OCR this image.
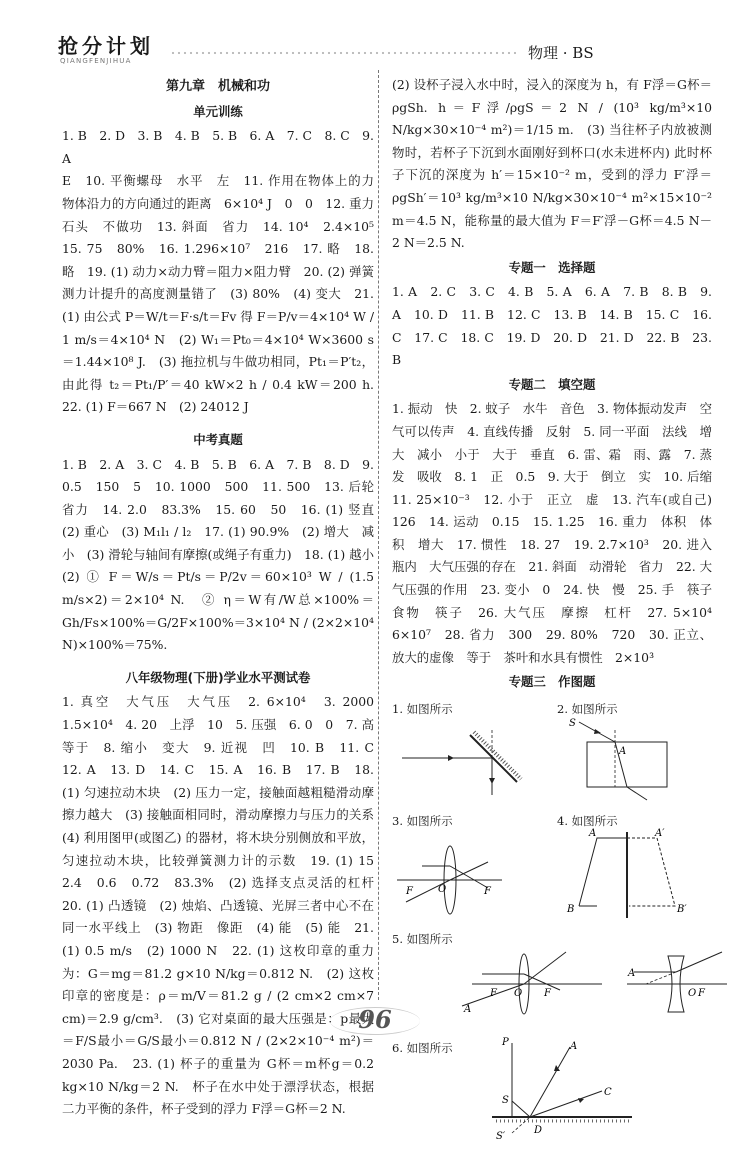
抢分计划
QIANGFENJIHUA	物理 · BS
第九章　机械和功
单元训练

1. B　2. D　3. B　4. B　5. B　6. A　7. C　8. C　9. A

E　10. 平衡螺母　水平　左　11. 作用在物体上的力　物体沿力的方向通过的距离　6×10⁴ J　0　0　12. 重力　石头　不做功　13. 斜面　省力　14. 10⁴　2.4×10⁵　15. 75　80%　16. 1.296×10⁷　216　17. 略　18. 略　19. (1) 动力×动力臂＝阻力×阻力臂　20. (2) 弹簧测力计提升的高度测量错了　(3) 80%　(4) 变大　21. (1) 由公式 P＝W/t＝F·s/t＝Fv 得 F＝P/v＝4×10⁴ W / 1 m/s＝4×10⁴ N　(2) W₁＝Pt₀＝4×10⁴ W×3600 s＝1.44×10⁸ J.　(3) 拖拉机与牛做功相同，Pt₁＝P′t₂，由此得 t₂＝Pt₁/P′＝40 kW×2 h / 0.4 kW＝200 h.　22. (1) F＝667 N　(2) 24012 J

中考真题

1. B　2. A　3. C　4. B　5. B　6. A　7. B　8. D　9. 0.5　150　5　10. 1000　500　11. 500　13. 后轮　省力　14. 2.0　83.3%　15. 60　50　16. (1) 竖直　(2) 重心　(3) M₁l₁ / l₂　17. (1) 90.9%　(2) 增大　减小　(3) 滑轮与轴间有摩擦(或绳子有重力)　18. (1) 越小　(2) ① F＝W/s＝Pt/s＝P/2v＝60×10³ W / (1.5 m/s×2)＝2×10⁴ N.　② η＝W有/W总×100%＝Gh/Fs×100%＝G/2F×100%＝3×10⁴ N / (2×2×10⁴ N)×100%＝75%.

八年级物理(下册)学业水平测试卷

1. 真空　大气压　大气压　2. 6×10⁴　3. 2000　1.5×10⁴　4. 20　上浮　10　5. 压强　6. 0　0　7. 高　等于　8. 缩小　变大　9. 近视　凹　10. B　11. C　12. A　13. D　14. C　15. A　16. B　17. B　18. (1) 匀速拉动木块　(2) 压力一定，接触面越粗糙滑动摩擦力越大　(3) 接触面相同时，滑动摩擦力与压力的关系　(4) 利用图甲(或图乙) 的器材，将木块分别侧放和平放，匀速拉动木块，比较弹簧测力计的示数　19. (1) 15　2.4　0.6　0.72　83.3%　(2) 选择支点灵活的杠杆　20. (1) 凸透镜　(2) 烛焰、凸透镜、光屏三者中心不在同一水平线上　(3) 物距　像距　(4) 能　(5) 能　21. (1) 0.5 m/s　(2) 1000 N　22. (1) 这枚印章的重力为：G＝mg＝81.2 g×10 N/kg＝0.812 N.　(2) 这枚印章的密度是：ρ＝m/V＝81.2 g / (2 cm×2 cm×7 cm)＝2.9 g/cm³.　(3) 它对桌面的最大压强是：p最大＝F/S最小＝G/S最小＝0.812 N / (2×2×10⁻⁴ m²)＝2030 Pa.　23. (1) 杯子的重量为 G杯＝m杯g＝0.2 kg×10 N/kg＝2 N.　杯子在水中处于漂浮状态，根据二力平衡的条件，杯子受到的浮力 F浮＝G杯＝2 N.

(2) 设杯子浸入水中时，浸入的深度为 h，有 F浮＝G杯＝ρgSh. h＝F浮/ρgS＝2 N / (10³ kg/m³×10 N/kg×30×10⁻⁴ m²)＝1/15 m.　(3) 当往杯子内放被测物时，若杯子下沉到水面刚好到杯口(水未进杯内) 此时杯子下沉的深度为 h′＝15×10⁻² m，受到的浮力 F′浮＝ρgSh′＝10³ kg/m³×10 N/kg×30×10⁻⁴ m²×15×10⁻² m＝4.5 N，能称量的最大值为 F＝F′浮－G杯＝4.5 N－2 N＝2.5 N.

专题一　选择题

1. A　2. C　3. C　4. B　5. A　6. A　7. B　8. B　9. A　10. D　11. B　12. C　13. B　14. B　15. C　16. C　17. C　18. C　19. D　20. D　21. D　22. B　23. B

专题二　填空题

1. 振动　快　2. 蚊子　水牛　音色　3. 物体振动发声　空气可以传声　4. 直线传播　反射　5. 同一平面　法线　增大　减小　小于　大于　垂直　6. 雷、霜　雨、露　7. 蒸发　吸收　8. 1　正　0.5　9. 大于　倒立　实　10. 后缩　11. 25×10⁻³　12. 小于　正立　虚　13. 汽车(或自己)　126　14. 运动　0.15　15. 1.25　16. 重力　体积　体积　增大　17. 惯性　18. 27　19. 2.7×10³　20. 进入瓶内　大气压强的存在　21. 斜面　动滑轮　省力　22. 大气压强的作用　23. 变小　0　24. 快　慢　25. 手　筷子　食物　筷子　26. 大气压　摩擦　杠杆　27. 5×10⁴　6×10⁷　28. 省力　300　29. 80%　720　30. 正立、放大的虚像　等于　茶叶和水具有惯性　2×10³

专题三　作图题
1. 如图所示	2. 如图所示
S
A
3. 如图所示
F	O	F
4. 如图所示
A	A′
B	B′
5. 如图所示
F O F
A
A
O F
6. 如图所示	P	A
S
C
D
S′
96
